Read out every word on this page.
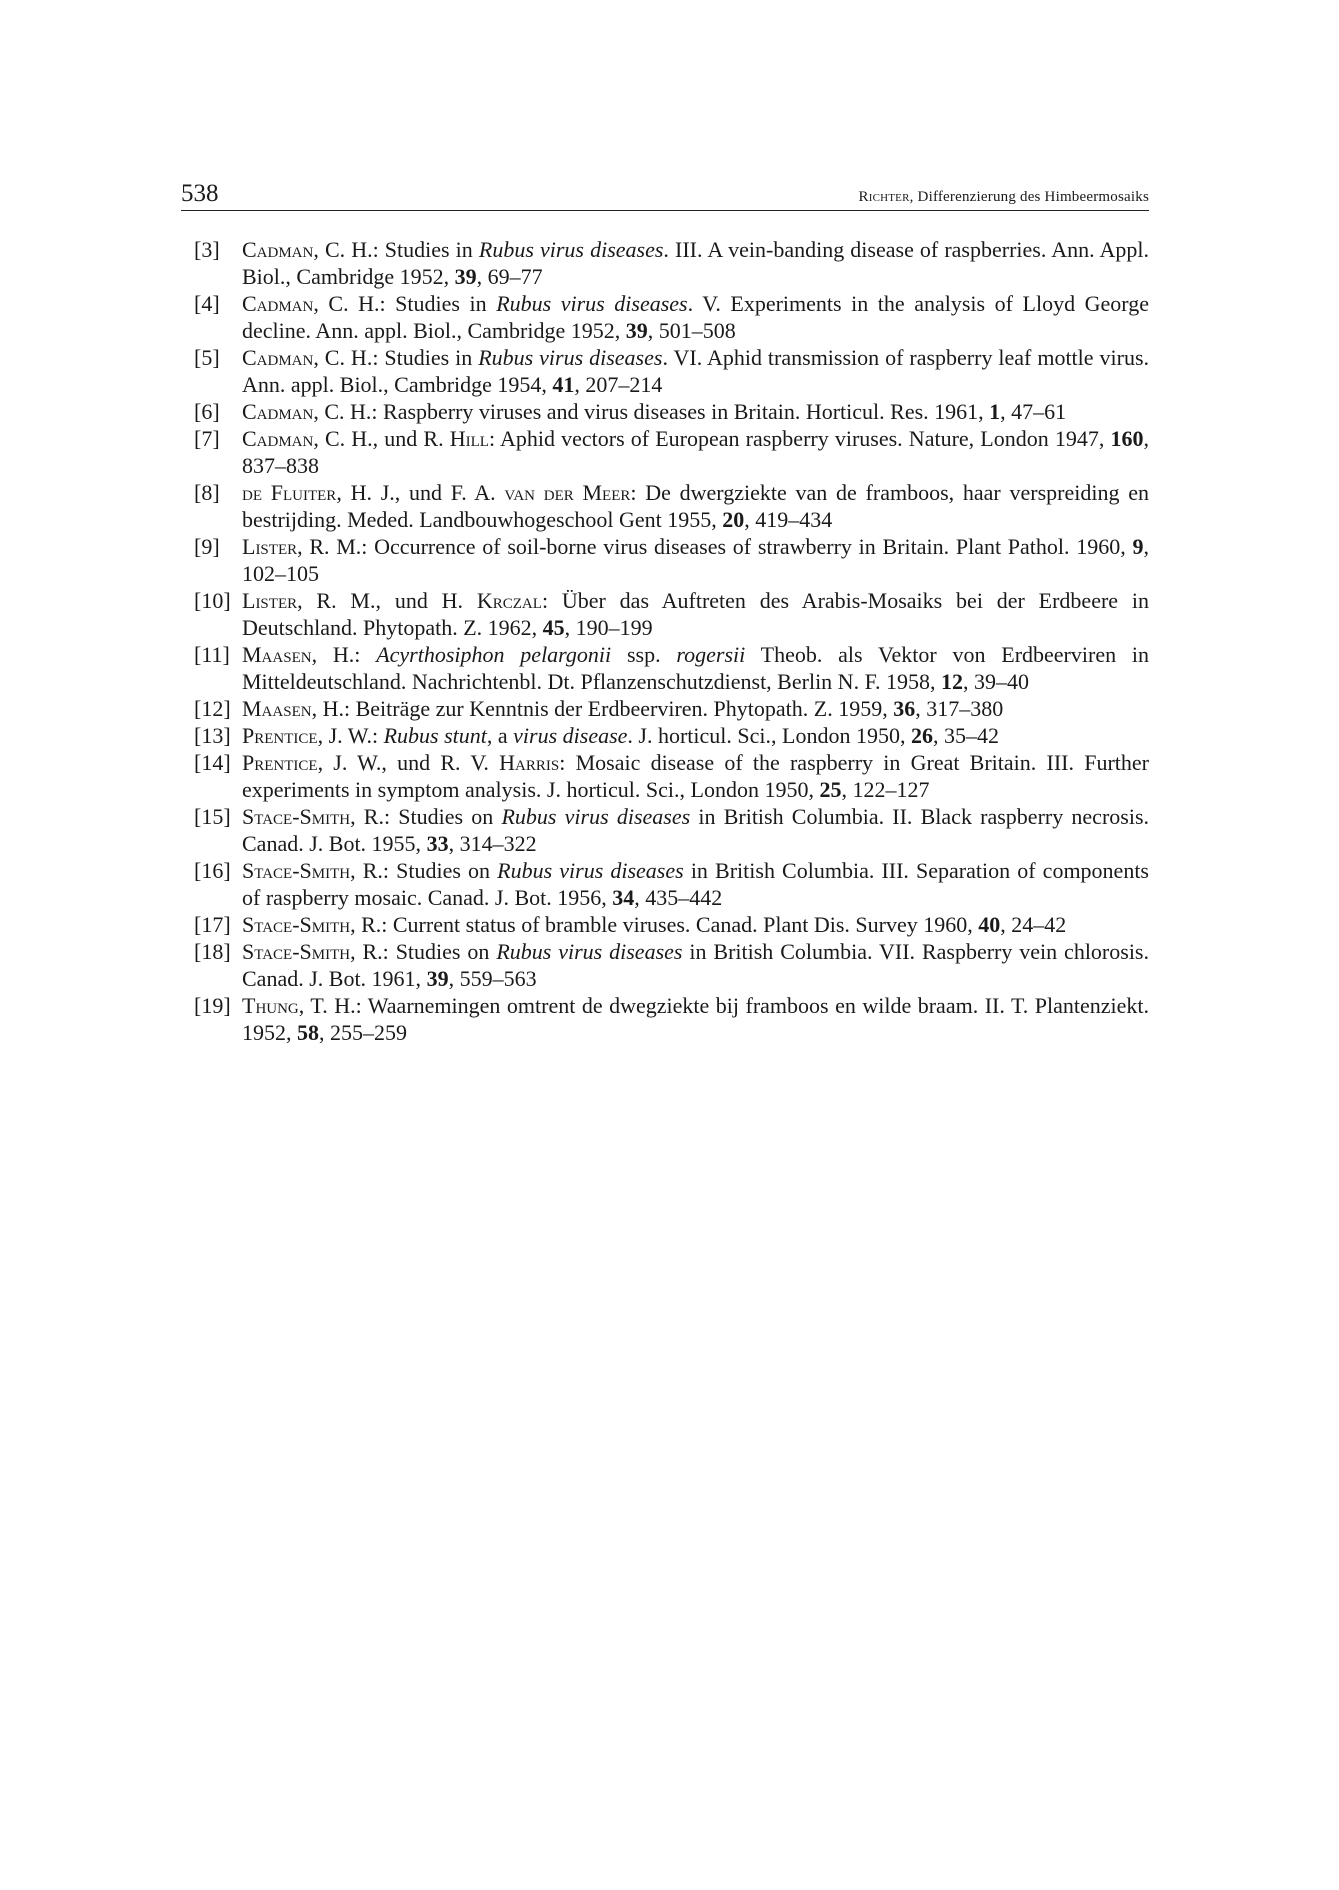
538	Richter, Differenzierung des Himbeermosaiks
[3]	Cadman, C. H.: Studies in Rubus virus diseases. III. A vein-banding disease of raspberries. Ann. Appl. Biol., Cambridge 1952, 39, 69–77
[4]	Cadman, C. H.: Studies in Rubus virus diseases. V. Experiments in the analysis of Lloyd George decline. Ann. appl. Biol., Cambridge 1952, 39, 501–508
[5]	Cadman, C. H.: Studies in Rubus virus diseases. VI. Aphid transmission of raspberry leaf mottle virus. Ann. appl. Biol., Cambridge 1954, 41, 207–214
[6]	Cadman, C. H.: Raspberry viruses and virus diseases in Britain. Horticul. Res. 1961, 1, 47–61
[7]	Cadman, C. H., und R. Hill: Aphid vectors of European raspberry viruses. Nature, London 1947, 160, 837–838
[8]	de Fluiter, H. J., und F. A. van der Meer: De dwergziekte van de framboos, haar verspreiding en bestrijding. Meded. Landbouwhogeschool Gent 1955, 20, 419–434
[9]	Lister, R. M.: Occurrence of soil-borne virus diseases of strawberry in Britain. Plant Pathol. 1960, 9, 102–105
[10] Lister, R. M., und H. Krczal: Über das Auftreten des Arabis-Mosaiks bei der Erdbeere in Deutschland. Phytopath. Z. 1962, 45, 190–199
[11] Maasen, H.: Acyrthosiphon pelargonii ssp. rogersii Theob. als Vektor von Erdbeerviren in Mitteldeutschland. Nachrichtenbl. Dt. Pflanzenschutzdienst, Berlin N. F. 1958, 12, 39–40
[12] Maasen, H.: Beiträge zur Kenntnis der Erdbeerviren. Phytopath. Z. 1959, 36, 317–380
[13] Prentice, J. W.: Rubus stunt, a virus disease. J. horticul. Sci., London 1950, 26, 35–42
[14] Prentice, J. W., und R. V. Harris: Mosaic disease of the raspberry in Great Britain. III. Further experiments in symptom analysis. J. horticul. Sci., London 1950, 25, 122–127
[15] Stace-Smith, R.: Studies on Rubus virus diseases in British Columbia. II. Black raspberry necrosis. Canad. J. Bot. 1955, 33, 314–322
[16] Stace-Smith, R.: Studies on Rubus virus diseases in British Columbia. III. Separation of components of raspberry mosaic. Canad. J. Bot. 1956, 34, 435–442
[17] Stace-Smith, R.: Current status of bramble viruses. Canad. Plant Dis. Survey 1960, 40, 24–42
[18] Stace-Smith, R.: Studies on Rubus virus diseases in British Columbia. VII. Raspberry vein chlorosis. Canad. J. Bot. 1961, 39, 559–563
[19] Thung, T. H.: Waarnemingen omtrent de dwegziekte bij framboos en wilde braam. II. T. Plantenziekt. 1952, 58, 255–259
